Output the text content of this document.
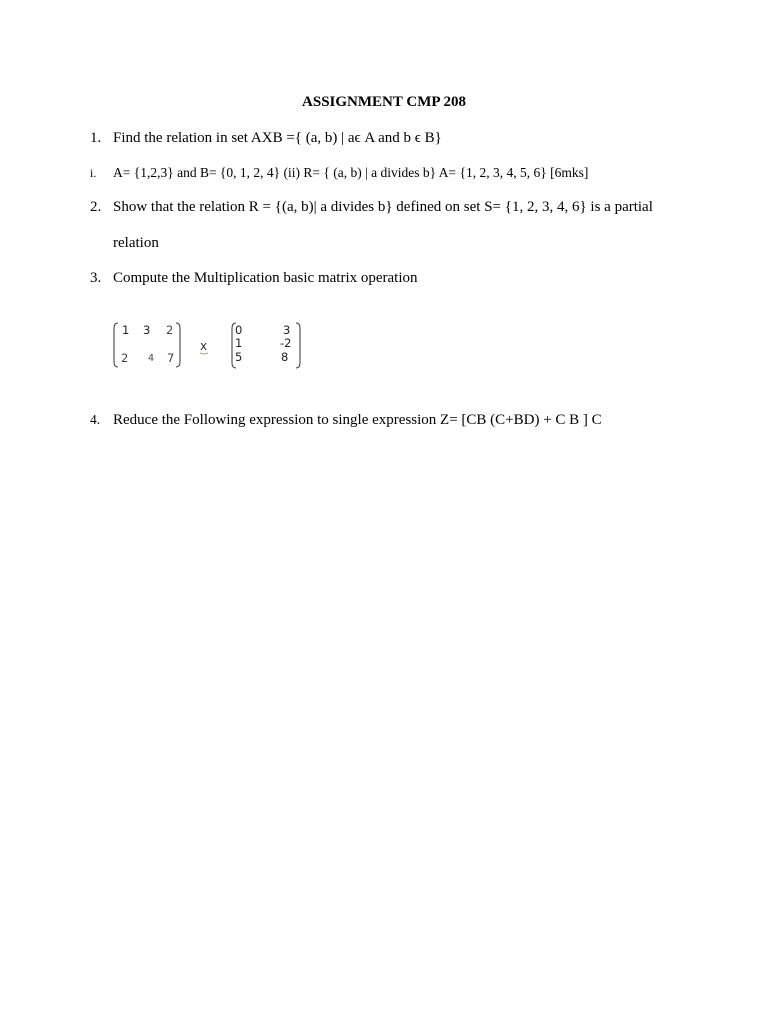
ASSIGNMENT CMP 208
1. Find the relation in set AXB ={ (a, b) | aϵ A and b ϵ B}
i.	A= {1,2,3} and B= {0, 1, 2, 4} (ii) R= { (a, b) | a divides b} A= {1, 2, 3, 4, 5, 6} [6mks]
2. Show that the relation R = {(a, b)| a divides b} defined on set S= {1, 2, 3, 4, 6} is a partial
relation
3. Compute the Multiplication basic matrix operation
1 3 2
2 4 7
x
0	3
1	-2
5	8
4. Reduce the Following expression to single expression Z= [CB (C+BD) + C B ] C
